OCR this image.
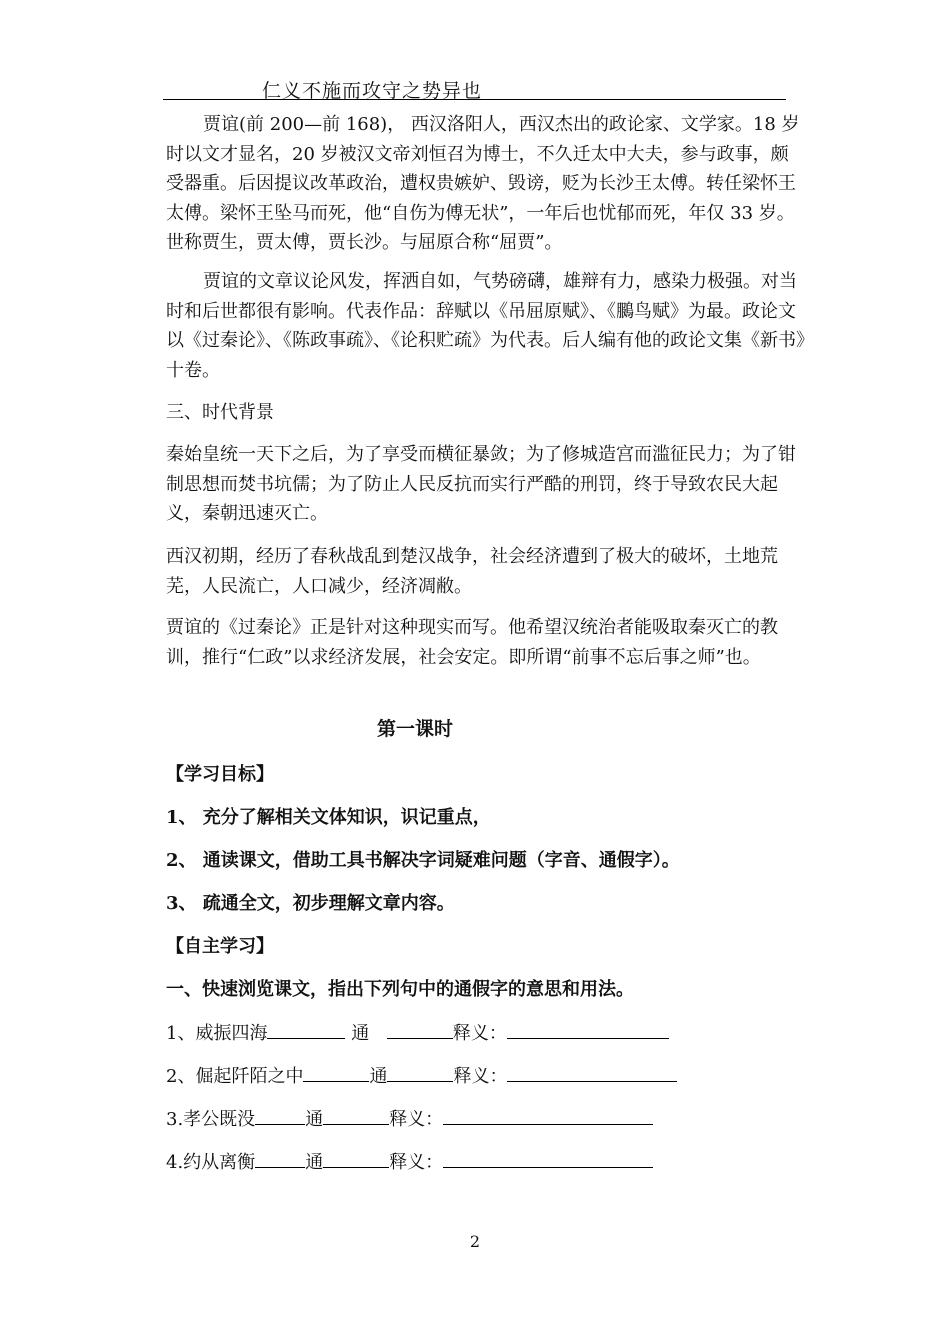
仁义不施而攻守之势异也

贾谊(前 200—前 168)， 西汉洛阳人，西汉杰出的政论家、文学家。18 岁时以文才显名，20 岁被汉文帝刘恒召为博士，不久迁太中大夫，参与政事，颇受器重。后因提议改革政治，遭权贵嫉妒、毁谤，贬为长沙王太傅。转任梁怀王太傅。梁怀王坠马而死，他“自伤为傅无状”，一年后也忧郁而死，年仅 33 岁。世称贾生，贾太傅，贾长沙。与屈原合称“屈贾”。

贾谊的文章议论风发，挥洒自如，气势磅礴，雄辩有力，感染力极强。对当时和后世都很有影响。代表作品：辞赋以《吊屈原赋》、《鵩鸟赋》为最。政论文以《过秦论》、《陈政事疏》、《论积贮疏》为代表。后人编有他的政论文集《新书》十卷。

三、时代背景

秦始皇统一天下之后，为了享受而横征暴敛；为了修城造宫而滥征民力；为了钳制思想而焚书坑儒；为了防止人民反抗而实行严酷的刑罚，终于导致农民大起义，秦朝迅速灭亡。

西汉初期，经历了春秋战乱到楚汉战争，社会经济遭到了极大的破坏，土地荒芜，人民流亡，人口减少，经济凋敝。

贾谊的《过秦论》正是针对这种现实而写。他希望汉统治者能吸取秦灭亡的教训，推行“仁政”以求经济发展，社会安定。即所谓“前事不忘后事之师”也。

第一课时
【学习目标】
1、 充分了解相关文体知识，识记重点，
2、 通读课文，借助工具书解决字词疑难问题（字音、通假字）。
3、 疏通全文，初步理解文章内容。
【自主学习】
一、快速浏览课文，指出下列句中的通假字的意思和用法。
1、威振四海	通	释义：
2、倔起阡陌之中	通	释义：
3.孝公既没	通	释义：
4.约从离衡	通	释义：
2
